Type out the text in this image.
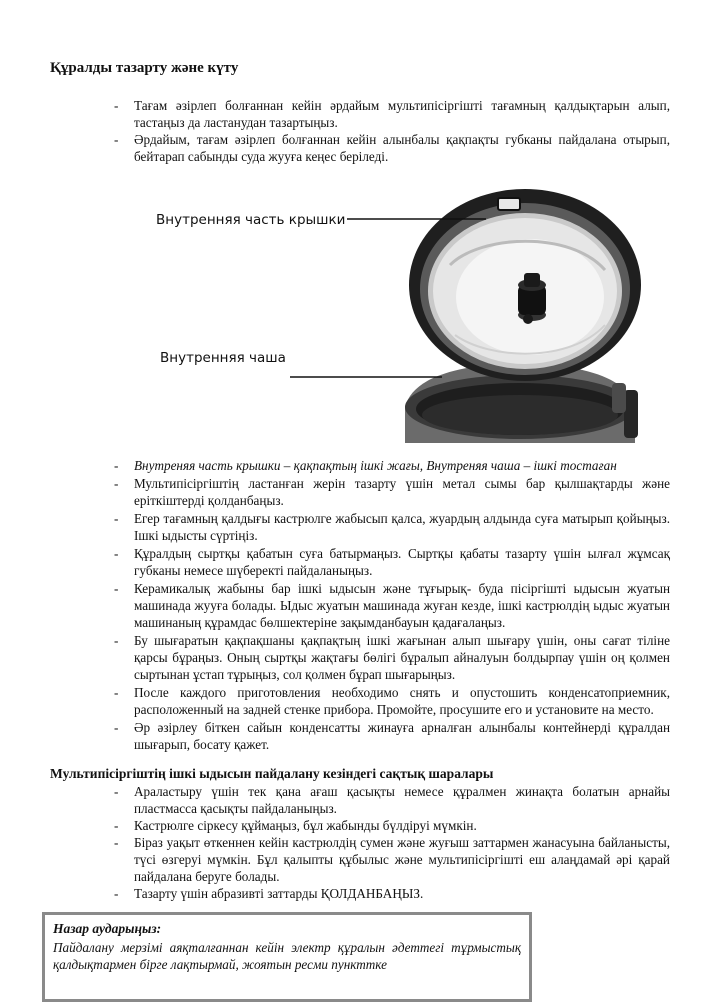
Құралды тазарту және күту
- Тағам әзірлеп болғаннан кейін әрдайым мультипісіргішті тағамның қалдықтарын алып, тастаңыз да ластанудан тазартыңыз.
- Әрдайым, тағам әзірлеп болғаннан кейін алынбалы қақпақты губканы пайдалана отырып, бейтарап сабынды суда жууға кеңес беріледі.
Внутренняя часть крышки
Внутренняя чаша
- Внутреняя часть крышки – қақпақтың ішкі жағы, Внутреняя чаша – ішкі тостаған
- Мультипісіргіштің ластанған жерін тазарту үшін метал сымы бар қылшақтарды және еріткіштерді қолданбаңыз.
- Егер тағамның қалдығы кастрюлге жабысып қалса, жуардың алдында суға матырып қойыңыз. Ішкі ыдысты сүртіңіз.
- Құралдың сыртқы қабатын суға батырмаңыз. Сыртқы қабаты тазарту үшін ылғал жұмсақ губканы немесе шүберекті пайдаланыңыз.
- Керамикалық жабыны бар ішкі ыдысын және тұғырық- буда пісіргішті ыдысын жуатын машинада жууға болады. Ыдыс жуатын машинада жуған кезде, ішкі кастрюлдің ыдыс жуатын машинаның құрамдас бөлшектеріне зақымданбауын қадағалаңыз.
- Бу шығаратын қақпақшаны қақпақтың ішкі жағынан алып шығару үшін, оны сағат тіліне қарсы бұраңыз. Оның сыртқы жақтағы бөлігі бұралып айналуын болдырпау үшін оң қолмен сыртынан ұстап тұрыңыз, сол қолмен бұрап шығарыңыз.
- После каждого приготовления необходимо снять и опустошить конденсатоприемник, расположенный на задней стенке прибора. Промойте, просушите его и установите на место.
- Әр әзірлеу біткен сайын конденсатты жинауға арналған алынбалы контейнерді құралдан шығарып, босату қажет.
Мультипісіргіштің ішкі ыдысын пайдалану кезіндегі сақтық шаралары
- Араластыру үшін тек қана ағаш қасықты немесе құралмен жинақта болатын арнайы пластмасса қасықты пайдаланыңыз.
- Кастрюлге сіркесу құймаңыз, бұл жабынды бүлдіруі мүмкін.
- Біраз уақыт өткеннен кейін кастрюлдің сумен және жуғыш заттармен жанасуына байланысты, түсі өзгеруі мүмкін. Бұл қалыпты құбылыс және мультипісіргішті еш алаңдамай әрі қарай пайдалана беруге болады.
- Тазарту үшін абразивті заттарды ҚОЛДАНБАҢЫЗ.

Назар аударыңыз:

Пайдалану мерзімі аяқталғаннан кейін электр құралын әдеттегі тұрмыстық қалдықтармен бірге лақтырмай, жоятын ресми пункттке
